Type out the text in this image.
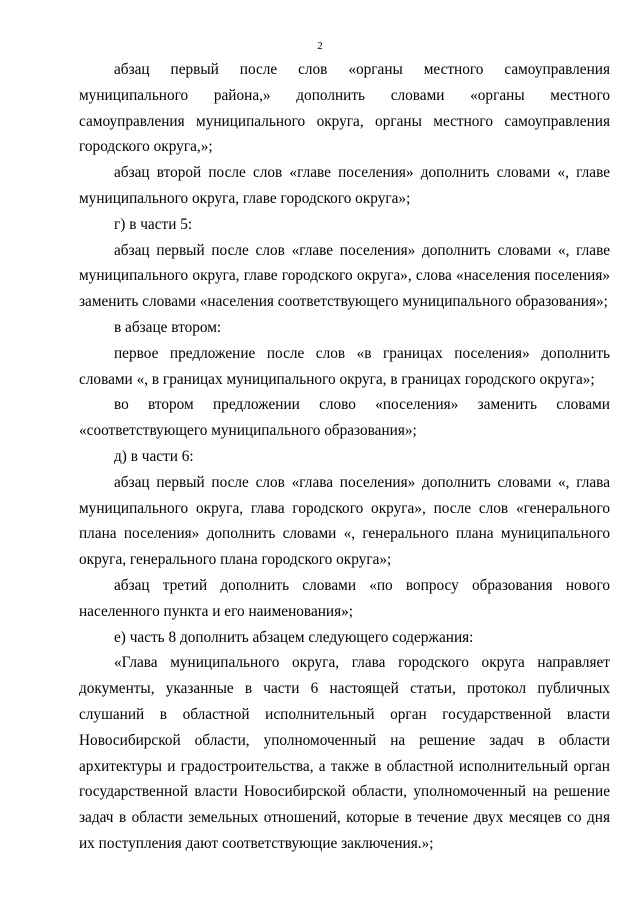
2

абзац первый после слов «органы местного самоуправления муниципального района,» дополнить словами «органы местного самоуправления муниципального округа, органы местного самоуправления городского округа,»;

абзац второй после слов «главе поселения» дополнить словами «, главе муниципального округа, главе городского округа»;

г) в части 5:

абзац первый после слов «главе поселения» дополнить словами «, главе муниципального округа, главе городского округа», слова «населения поселения» заменить словами «населения соответствующего муниципального образования»;

в абзаце втором:

первое предложение после слов «в границах поселения» дополнить словами «, в границах муниципального округа, в границах городского округа»;

во втором предложении слово «поселения» заменить словами «соответствующего муниципального образования»;

д) в части 6:

абзац первый после слов «глава поселения» дополнить словами «, глава муниципального округа, глава городского округа», после слов «генерального плана поселения» дополнить словами «, генерального плана муниципального округа, генерального плана городского округа»;

абзац третий дополнить словами «по вопросу образования нового населенного пункта и его наименования»;

е) часть 8 дополнить абзацем следующего содержания:

«Глава муниципального округа, глава городского округа направляет документы, указанные в части 6 настоящей статьи, протокол публичных слушаний в областной исполнительный орган государственной власти Новосибирской области, уполномоченный на решение задач в области архитектуры и градостроительства, а также в областной исполнительный орган государственной власти Новосибирской области, уполномоченный на решение задач в области земельных отношений, которые в течение двух месяцев со дня их поступления дают соответствующие заключения.»;
